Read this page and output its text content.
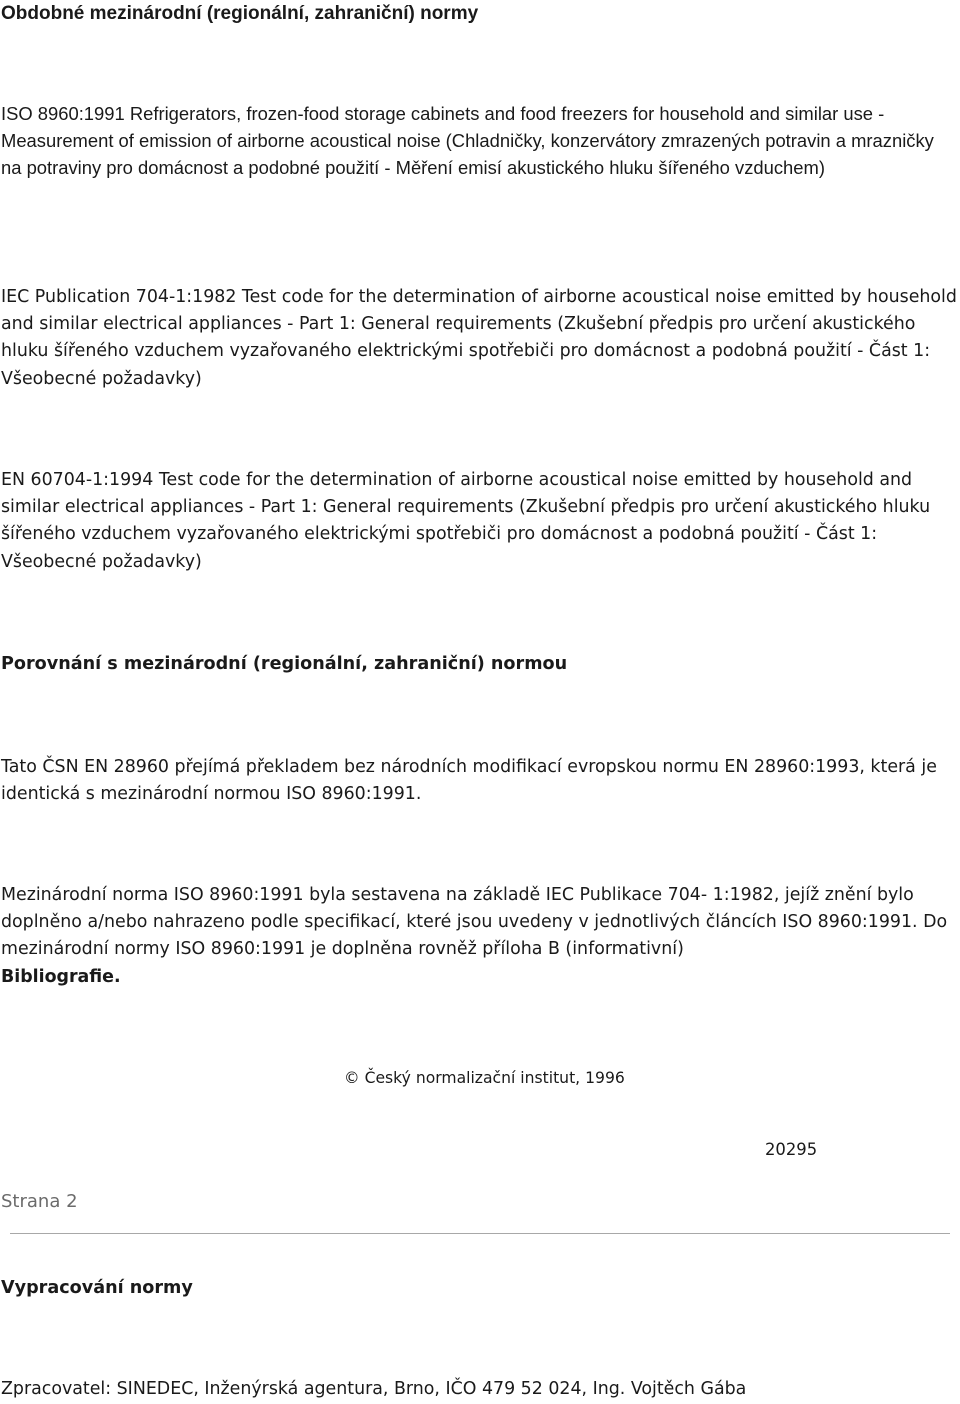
Obdobné mezinárodní (regionální, zahraniční) normy

ISO 8960:1991 Refrigerators, frozen-food storage cabinets and food freezers for household and similar use - Measurement of emission of airborne acoustical noise (Chladničky, konzervátory zmrazených potravin a mrazničky na potraviny pro domácnost a podobné použití - Měření emisí akustického hluku šířeného vzduchem)

IEC Publication 704-1:1982 Test code for the determination of airborne acoustical noise emitted by household and similar electrical appliances - Part 1: General requirements (Zkušební předpis pro určení akustického hluku šířeného vzduchem vyzařovaného elektrickými spotřebiči pro domácnost a podobná použití - Část 1: Všeobecné požadavky)

EN 60704-1:1994 Test code for the determination of airborne acoustical noise emitted by household and similar electrical appliances - Part 1: General requirements (Zkušební předpis pro určení akustického hluku šířeného vzduchem vyzařovaného elektrickými spotřebiči pro domácnost a podobná použití - Část 1: Všeobecné požadavky)

Porovnání s mezinárodní (regionální, zahraniční) normou

Tato ČSN EN 28960 přejímá překladem bez národních modifikací evropskou normu EN 28960:1993, která je identická s mezinárodní normou ISO 8960:1991.

Mezinárodní norma ISO 8960:1991 byla sestavena na základě IEC Publikace 704- 1:1982, jejíž znění bylo doplněno a/nebo nahrazeno podle specifikací, které jsou uvedeny v jednotlivých článcích ISO 8960:1991. Do mezinárodní normy ISO 8960:1991 je doplněna rovněž příloha B (informativní)
Bibliografie.

© Český normalizační institut, 1996
20295
Strana 2
Vypracování normy
Zpracovatel: SINEDEC, Inženýrská agentura, Brno, IČO 479 52 024, Ing. Vojtěch Gába
